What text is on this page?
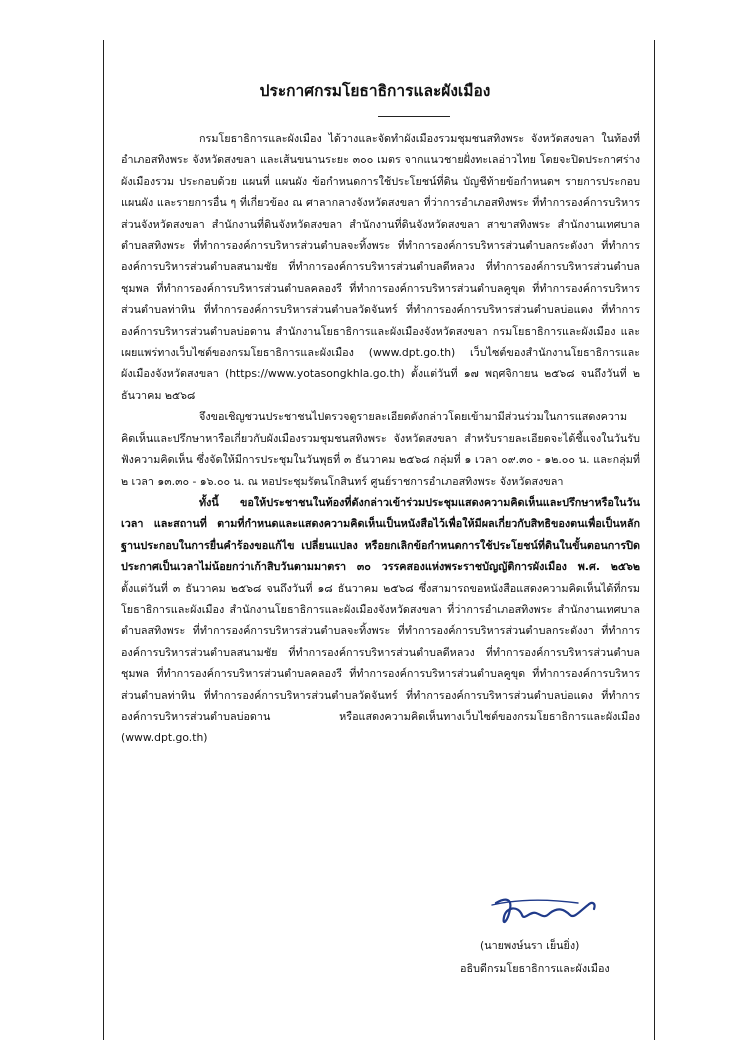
ประกาศกรมโยธาธิการและผังเมือง

กรมโยธาธิการและผังเมือง ได้วางและจัดทำผังเมืองรวมชุมชนสทิงพระ จังหวัดสงขลา ในท้องที่อำเภอสทิงพระ จังหวัดสงขลา และเส้นขนานระยะ ๓๐๐ เมตร จากแนวชายฝั่งทะเลอ่าวไทย โดยจะปิดประกาศร่างผังเมืองรวม ประกอบด้วย แผนที่ แผนผัง ข้อกำหนดการใช้ประโยชน์ที่ดิน บัญชีท้ายข้อกำหนดฯ รายการประกอบแผนผัง และรายการอื่น ๆ ที่เกี่ยวข้อง ณ ศาลากลางจังหวัดสงขลา ที่ว่าการอำเภอสทิงพระ ที่ทำการองค์การบริหารส่วนจังหวัดสงขลา สำนักงานที่ดินจังหวัดสงขลา สำนักงานที่ดินจังหวัดสงขลา สาขาสทิงพระ สำนักงานเทศบาลตำบลสทิงพระ ที่ทำการองค์การบริหารส่วนตำบลจะทิ้งพระ ที่ทำการองค์การบริหารส่วนตำบลกระดังงา ที่ทำการองค์การบริหารส่วนตำบลสนามชัย ที่ทำการองค์การบริหารส่วนตำบลดีหลวง ที่ทำการองค์การบริหารส่วนตำบลชุมพล ที่ทำการองค์การบริหารส่วนตำบลคลองรี ที่ทำการองค์การบริหารส่วนตำบลคูขุด ที่ทำการองค์การบริหารส่วนตำบลท่าหิน ที่ทำการองค์การบริหารส่วนตำบลวัดจันทร์ ที่ทำการองค์การบริหารส่วนตำบลบ่อแดง ที่ทำการองค์การบริหารส่วนตำบลบ่อดาน สำนักงานโยธาธิการและผังเมืองจังหวัดสงขลา กรมโยธาธิการและผังเมือง และเผยแพร่ทางเว็บไซต์ของกรมโยธาธิการและผังเมือง (www.dpt.go.th) เว็บไซต์ของสำนักงานโยธาธิการและผังเมืองจังหวัดสงขลา (https://www.yotasongkhla.go.th) ตั้งแต่วันที่ ๑๗ พฤศจิกายน ๒๕๖๘ จนถึงวันที่ ๒ ธันวาคม ๒๕๖๘

จึงขอเชิญชวนประชาชนไปตรวจดูรายละเอียดดังกล่าวโดยเข้ามามีส่วนร่วมในการแสดงความคิดเห็นและปรึกษาหารือเกี่ยวกับผังเมืองรวมชุมชนสทิงพระ จังหวัดสงขลา สำหรับรายละเอียดจะได้ชี้แจงในวันรับฟังความคิดเห็น ซึ่งจัดให้มีการประชุมในวันพุธที่ ๓ ธันวาคม ๒๕๖๘ กลุ่มที่ ๑ เวลา ๐๙.๓๐ - ๑๒.๐๐ น. และกลุ่มที่ ๒ เวลา ๑๓.๓๐ - ๑๖.๐๐ น. ณ หอประชุมรัตนโกสินทร์ ศูนย์ราชการอำเภอสทิงพระ จังหวัดสงขลา

ทั้งนี้ ขอให้ประชาชนในท้องที่ดังกล่าวเข้าร่วมประชุมแสดงความคิดเห็นและปรึกษาหรือในวัน เวลา และสถานที่ ตามที่กำหนดและแสดงความคิดเห็นเป็นหนังสือไว้เพื่อให้มีผลเกี่ยวกับสิทธิของตนเพื่อเป็นหลักฐานประกอบในการยื่นคำร้องขอแก้ไข เปลี่ยนแปลง หรือยกเลิกข้อกำหนดการใช้ประโยชน์ที่ดินในขั้นตอนการปิดประกาศเป็นเวลาไม่น้อยกว่าเก้าสิบวันตามมาตรา ๓๐ วรรคสองแห่งพระราชบัญญัติการผังเมือง พ.ศ. ๒๕๖๒ ตั้งแต่วันที่ ๓ ธันวาคม ๒๕๖๘ จนถึงวันที่ ๑๘ ธันวาคม ๒๕๖๘ ซึ่งสามารถขอหนังสือแสดงความคิดเห็นได้ที่กรมโยธาธิการและผังเมือง สำนักงานโยธาธิการและผังเมืองจังหวัดสงขลา ที่ว่าการอำเภอสทิงพระ สำนักงานเทศบาลตำบลสทิงพระ ที่ทำการองค์การบริหารส่วนตำบลจะทิ้งพระ ที่ทำการองค์การบริหารส่วนตำบลกระดังงา ที่ทำการองค์การบริหารส่วนตำบลสนามชัย ที่ทำการองค์การบริหารส่วนตำบลดีหลวง ที่ทำการองค์การบริหารส่วนตำบลชุมพล ที่ทำการองค์การบริหารส่วนตำบลคลองรี ที่ทำการองค์การบริหารส่วนตำบลคูขุด ที่ทำการองค์การบริหารส่วนตำบลท่าหิน ที่ทำการองค์การบริหารส่วนตำบลวัดจันทร์ ที่ทำการองค์การบริหารส่วนตำบลบ่อแดง ที่ทำการองค์การบริหารส่วนตำบลบ่อดาน หรือแสดงความคิดเห็นทางเว็บไซต์ของกรมโยธาธิการและผังเมือง (www.dpt.go.th)

(นายพงษ์นรา เย็นยิ่ง)
อธิบดีกรมโยธาธิการและผังเมือง
